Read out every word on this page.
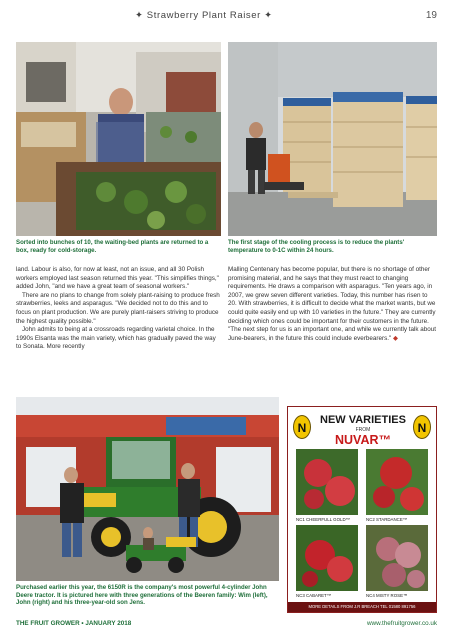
✦ Strawberry Plant Raiser ✦	19
Sorted into bunches of 10, the waiting-bed plants are returned to a box, ready for cold-storage.
The first stage of the cooling process is to reduce the plants' temperature to 0-1C within 24 hours.

land. Labour is also, for now at least, not an issue, and all 30 Polish workers employed last season returned this year. "This simplifies things," added John, "and we have a great team of seasonal workers."

There are no plans to change from solely plant-raising to produce fresh strawberries, leeks and asparagus. "We decided not to do this and to focus on plant production. We are purely plant-raisers striving to produce the highest quality possible."

John admits to being at a crossroads regarding varietal choice. In the 1990s Elsanta was the main variety, which has gradually paved the way to Sonata. More recently

Malling Centenary has become popular, but there is no shortage of other promising material, and he says that they must react to changing requirements. He draws a comparison with asparagus. "Ten years ago, in 2007, we grew seven different varieties. Today, this number has risen to 20. With strawberries, it is difficult to decide what the market wants, but we could quite easily end up with 10 varieties in the future." They are currently deciding which ones could be important for their customers in the future. "The next step for us is an important one, and while we currently talk about June-bearers, in the future this could include everbearers." ◆

Purchased earlier this year, the 6150R is the company's most powerful 4-cylinder John Deere tractor. It is pictured here with three generations of the Beeren family: Wim (left), John (right) and his three-year-old son Jens.
N	N
NEW VARIETIES
FROM
NUVAR™
NC1 CHEERFULL GOLD™	NC2 STARDANCE™
NC3 CABARET™	NC4 MISTY ROSE™
MORE DETAILS FROM J.R BREACH TEL 01580 891756
THE FRUIT GROWER • JANUARY 2018	www.thefruitgrower.co.uk
